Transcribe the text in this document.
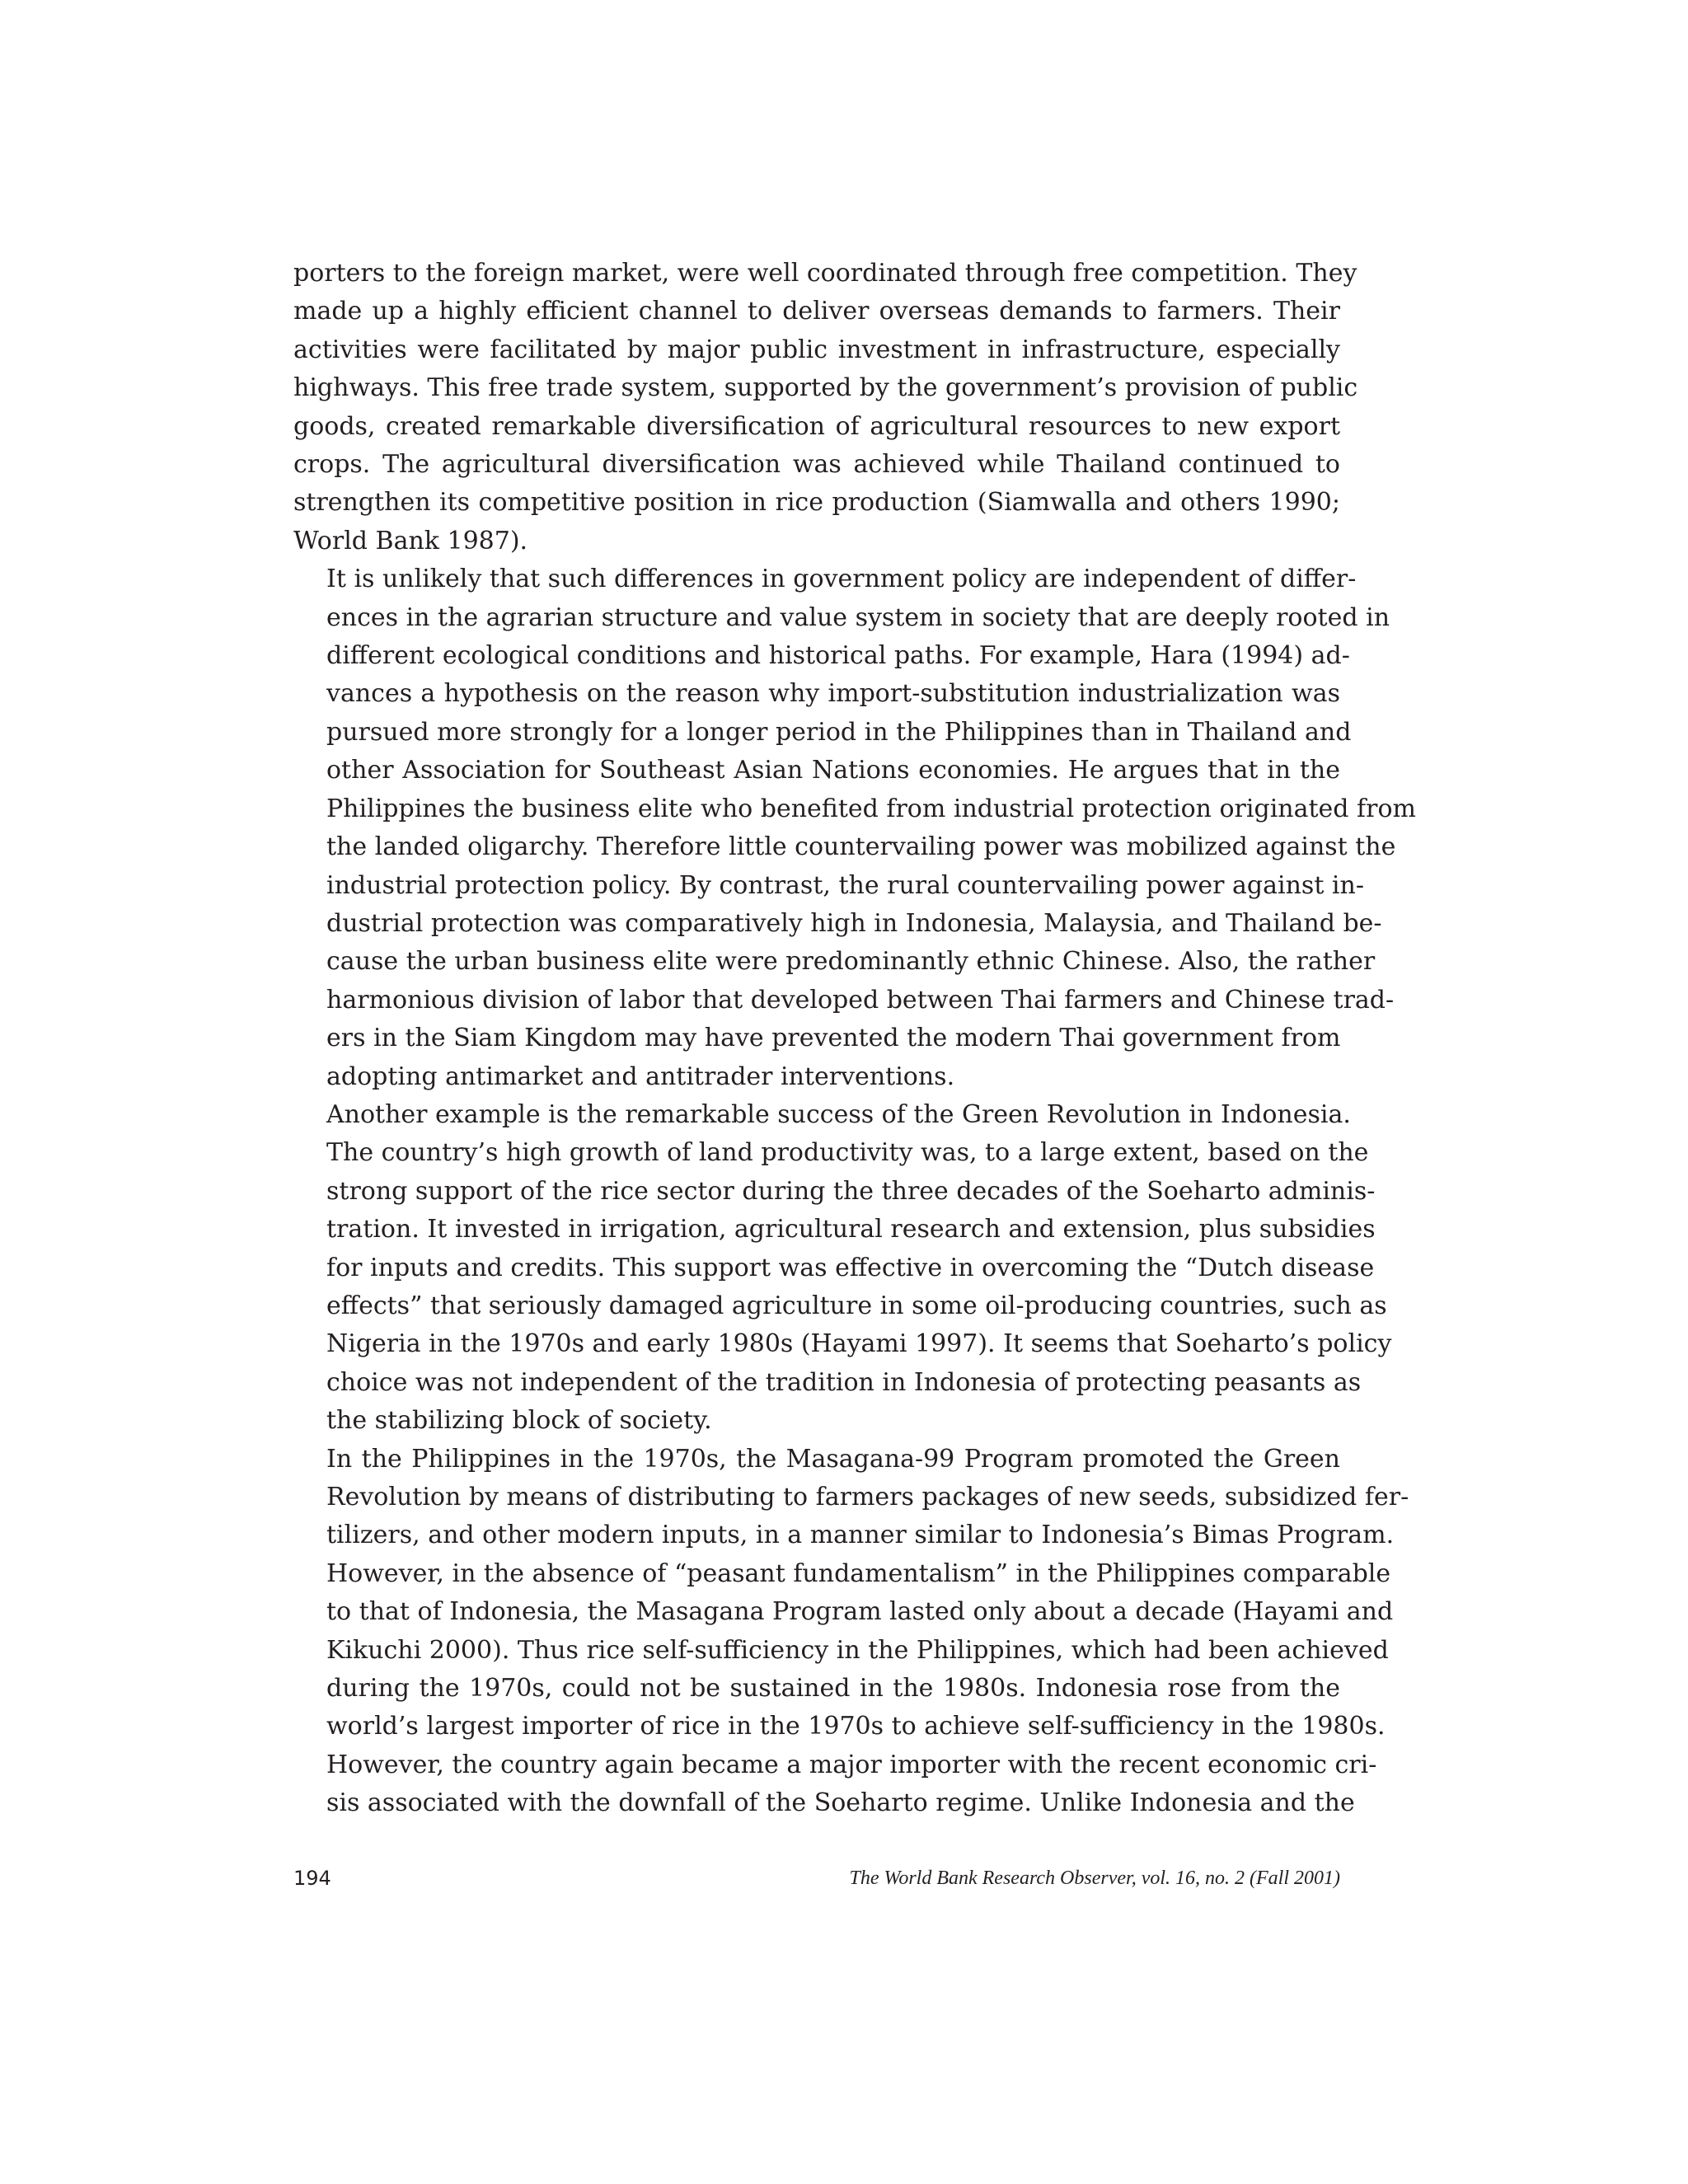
porters to the foreign market, were well coordinated through free competition. They
made up a highly efficient channel to deliver overseas demands to farmers. Their
activities were facilitated by major public investment in infrastructure, especially
highways. This free trade system, supported by the government’s provision of public
goods, created remarkable diversification of agricultural resources to new export
crops. The agricultural diversification was achieved while Thailand continued to
strengthen its competitive position in rice production (Siamwalla and others 1990;
World Bank 1987).

It is unlikely that such differences in government policy are independent of differ-
ences in the agrarian structure and value system in society that are deeply rooted in
different ecological conditions and historical paths. For example, Hara (1994) ad-
vances a hypothesis on the reason why import-substitution industrialization was
pursued more strongly for a longer period in the Philippines than in Thailand and
other Association for Southeast Asian Nations economies. He argues that in the
Philippines the business elite who benefited from industrial protection originated from
the landed oligarchy. Therefore little countervailing power was mobilized against the
industrial protection policy. By contrast, the rural countervailing power against in-
dustrial protection was comparatively high in Indonesia, Malaysia, and Thailand be-
cause the urban business elite were predominantly ethnic Chinese. Also, the rather
harmonious division of labor that developed between Thai farmers and Chinese trad-
ers in the Siam Kingdom may have prevented the modern Thai government from
adopting antimarket and antitrader interventions.

Another example is the remarkable success of the Green Revolution in Indonesia.
The country’s high growth of land productivity was, to a large extent, based on the
strong support of the rice sector during the three decades of the Soeharto adminis-
tration. It invested in irrigation, agricultural research and extension, plus subsidies
for inputs and credits. This support was effective in overcoming the “Dutch disease
effects” that seriously damaged agriculture in some oil-producing countries, such as
Nigeria in the 1970s and early 1980s (Hayami 1997). It seems that Soeharto’s policy
choice was not independent of the tradition in Indonesia of protecting peasants as
the stabilizing block of society.

In the Philippines in the 1970s, the Masagana-99 Program promoted the Green
Revolution by means of distributing to farmers packages of new seeds, subsidized fer-
tilizers, and other modern inputs, in a manner similar to Indonesia’s Bimas Program.
However, in the absence of “peasant fundamentalism” in the Philippines comparable
to that of Indonesia, the Masagana Program lasted only about a decade (Hayami and
Kikuchi 2000). Thus rice self-sufficiency in the Philippines, which had been achieved
during the 1970s, could not be sustained in the 1980s. Indonesia rose from the
world’s largest importer of rice in the 1970s to achieve self-sufficiency in the 1980s.
However, the country again became a major importer with the recent economic cri-
sis associated with the downfall of the Soeharto regime. Unlike Indonesia and the

194	The World Bank Research Observer, vol. 16, no. 2 (Fall 2001)
